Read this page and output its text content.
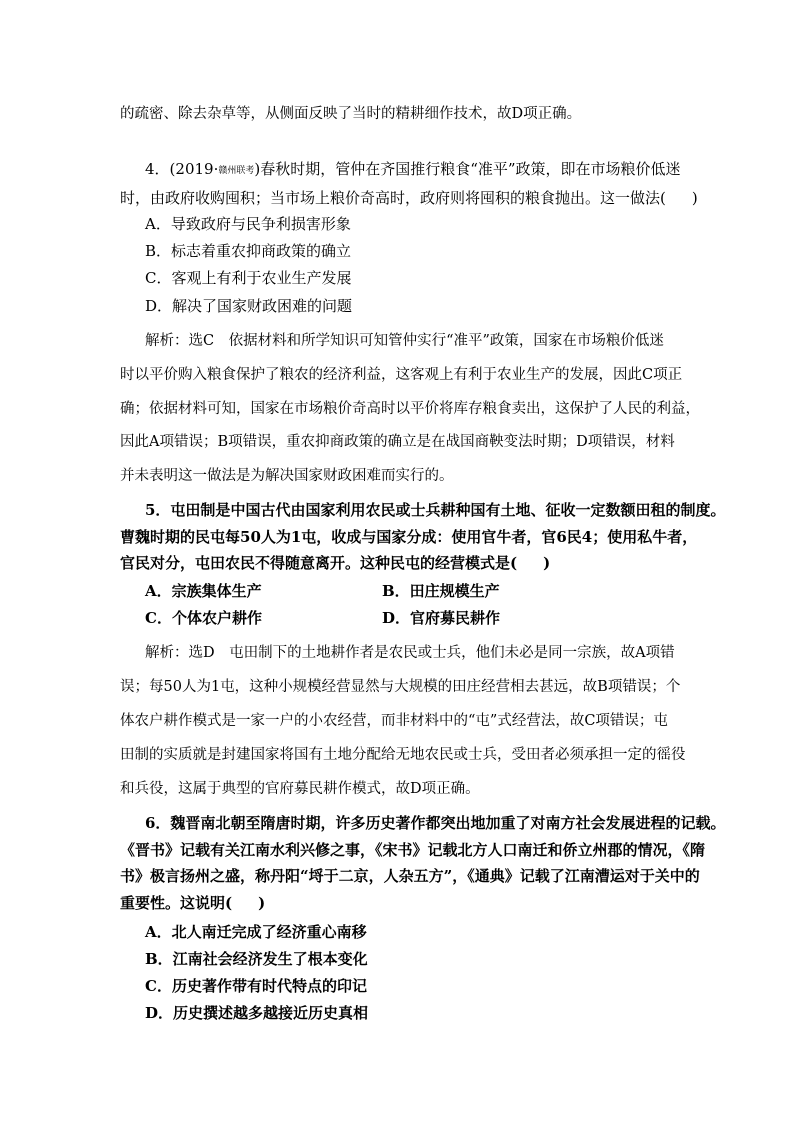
的疏密、除去杂草等，从侧面反映了当时的精耕细作技术，故D项正确。
4．(2019·赣州联考)春秋时期，管仲在齐国推行粮食“准平”政策，即在市场粮价低迷
时，由政府收购囤积；当市场上粮价奇高时，政府则将囤积的粮食抛出。这一做法( )
A．导致政府与民争利损害形象
B．标志着重农抑商政策的确立
C．客观上有利于农业生产发展
D．解决了国家财政困难的问题
解析：选C　依据材料和所学知识可知管仲实行“准平”政策，国家在市场粮价低迷
时以平价购入粮食保护了粮农的经济利益，这客观上有利于农业生产的发展，因此C项正
确；依据材料可知，国家在市场粮价奇高时以平价将库存粮食卖出，这保护了人民的利益，
因此A项错误；B项错误，重农抑商政策的确立是在战国商鞅变法时期；D项错误，材料
并未表明这一做法是为解决国家财政困难而实行的。
5．屯田制是中国古代由国家利用农民或士兵耕种国有土地、征收一定数额田租的制度。
曹魏时期的民屯每50人为1屯，收成与国家分成：使用官牛者，官6民4；使用私牛者，
官民对分，屯田农民不得随意离开。这种民屯的经营模式是( )
A．宗族集体生产	B．田庄规模生产
C．个体农户耕作	D．官府募民耕作
解析：选D　屯田制下的土地耕作者是农民或士兵，他们未必是同一宗族，故A项错
误；每50人为1屯，这种小规模经营显然与大规模的田庄经营相去甚远，故B项错误；个
体农户耕作模式是一家一户的小农经营，而非材料中的“屯”式经营法，故C项错误；屯
田制的实质就是封建国家将国有土地分配给无地农民或士兵，受田者必须承担一定的徭役
和兵役，这属于典型的官府募民耕作模式，故D项正确。
6．魏晋南北朝至隋唐时期，许多历史著作都突出地加重了对南方社会发展进程的记载。
《晋书》记载有关江南水利兴修之事，《宋书》记载北方人口南迁和侨立州郡的情况，《隋
书》极言扬州之盛，称丹阳“埒于二京，人杂五方”，《通典》记载了江南漕运对于关中的
重要性。这说明( )
A．北人南迁完成了经济重心南移
B．江南社会经济发生了根本变化
C．历史著作带有时代特点的印记
D．历史撰述越多越接近历史真相
